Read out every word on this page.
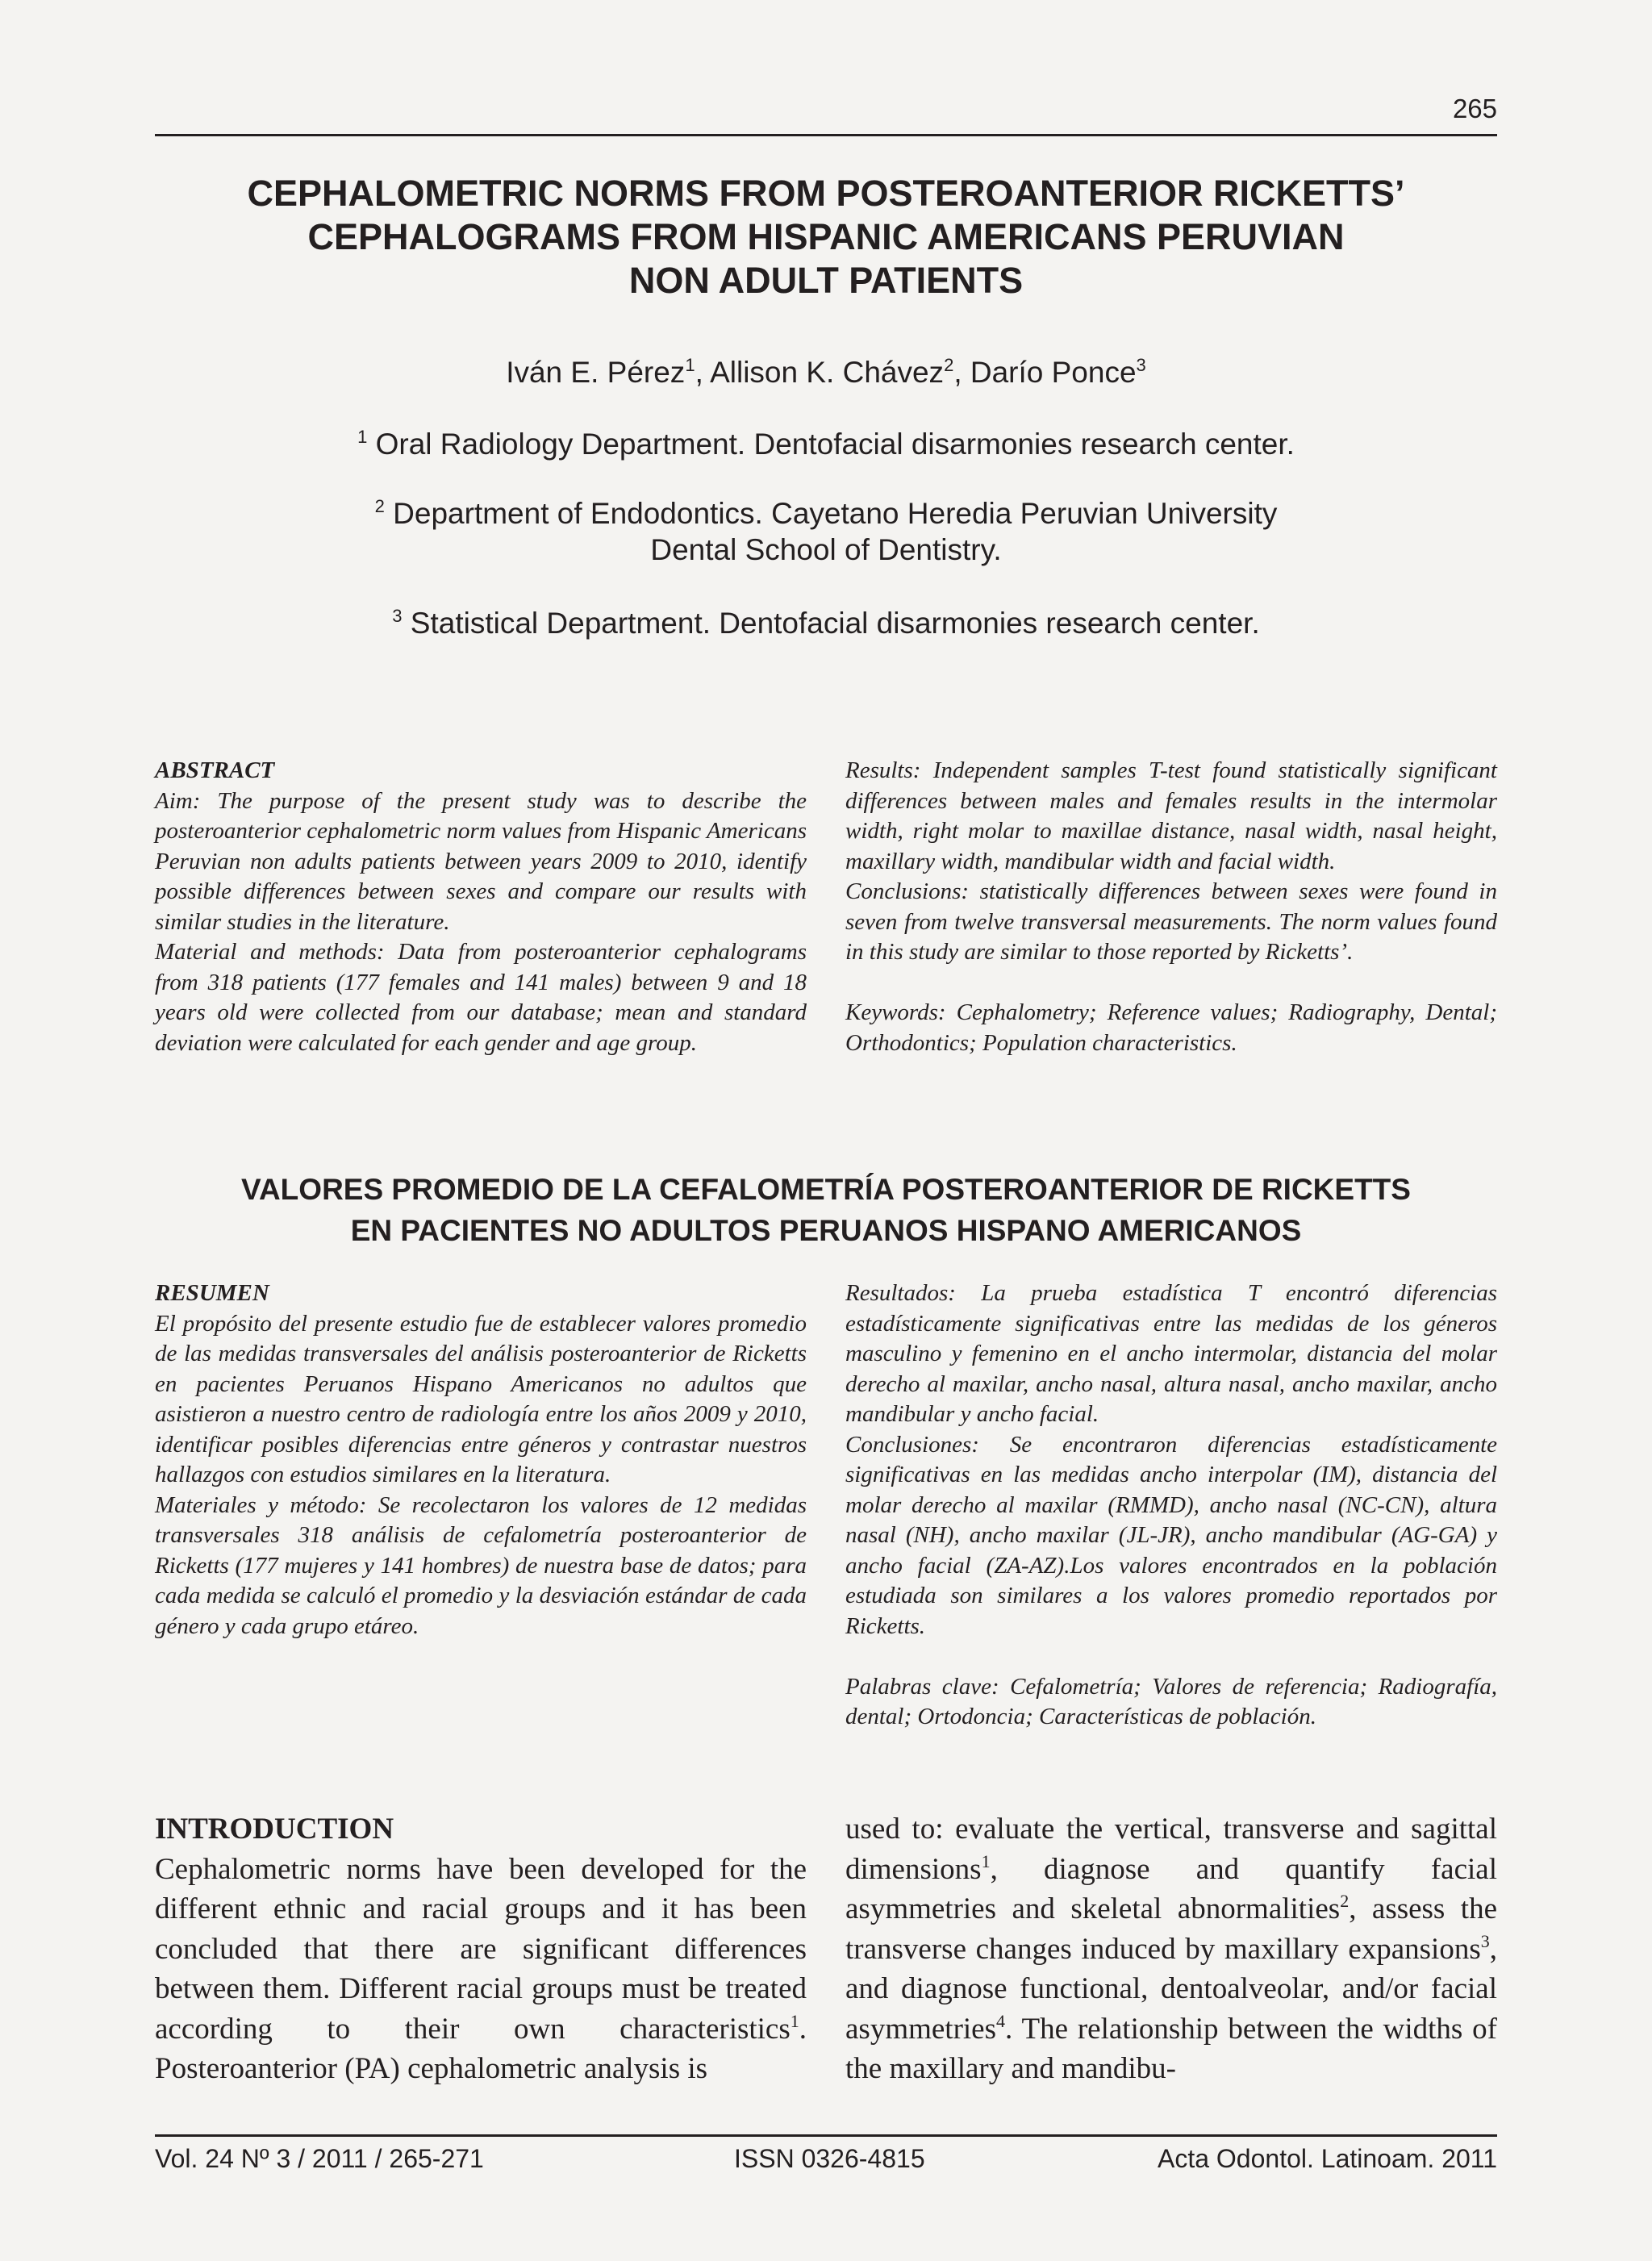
265
CEPHALOMETRIC NORMS FROM POSTEROANTERIOR RICKETTS’
CEPHALOGRAMS FROM HISPANIC AMERICANS PERUVIAN
NON ADULT PATIENTS
Iván E. Pérez$^1$, Allison K. Chávez$^2$, Darío Ponce$^3$
$^1$ Oral Radiology Department. Dentofacial disarmonies research center.
$^2$ Department of Endodontics. Cayetano Heredia Peruvian University
Dental School of Dentistry.
$^3$ Statistical Department. Dentofacial disarmonies research center.

ABSTRACT

Aim: The purpose of the present study was to describe the posteroanterior cephalometric norm values from Hispanic Americans Peruvian non adults patients between years 2009 to 2010, identify possible differences between sexes and compare our results with similar studies in the literature.

Material and methods: Data from posteroanterior cephalograms from 318 patients (177 females and 141 males) between 9 and 18 years old were collected from our database; mean and standard deviation were calculated for each gender and age group.

Results: Independent samples T-test found statistically significant differences between males and females results in the intermolar width, right molar to maxillae distance, nasal width, nasal height, maxillary width, mandibular width and facial width.

Conclusions: statistically differences between sexes were found in seven from twelve transversal measurements. The norm values found in this study are similar to those reported by Ricketts’.

Keywords: Cephalometry; Reference values; Radiography, Dental; Orthodontics; Population characteristics.

VALORES PROMEDIO DE LA CEFALOMETRÍA POSTEROANTERIOR DE RICKETTS
EN PACIENTES NO ADULTOS PERUANOS HISPANO AMERICANOS

RESUMEN

El propósito del presente estudio fue de establecer valores promedio de las medidas transversales del análisis posteroanterior de Ricketts en pacientes Peruanos Hispano Americanos no adultos que asistieron a nuestro centro de radiología entre los años 2009 y 2010, identificar posibles diferencias entre géneros y contrastar nuestros hallazgos con estudios similares en la literatura.

Materiales y método: Se recolectaron los valores de 12 medidas transversales 318 análisis de cefalometría posteroanterior de Ricketts (177 mujeres y 141 hombres) de nuestra base de datos; para cada medida se calculó el promedio y la desviación estándar de cada género y cada grupo etáreo.

Resultados: La prueba estadística T encontró diferencias estadísticamente significativas entre las medidas de los géneros masculino y femenino en el ancho intermolar, distancia del molar derecho al maxilar, ancho nasal, altura nasal, ancho maxilar, ancho mandibular y ancho facial.

Conclusiones: Se encontraron diferencias estadísticamente significativas en las medidas ancho interpolar (IM), distancia del molar derecho al maxilar (RMMD), ancho nasal (NC-CN), altura nasal (NH), ancho maxilar (JL-JR), ancho mandibular (AG-GA) y ancho facial (ZA-AZ).Los valores encontrados en la población estudiada son similares a los valores promedio reportados por Ricketts.

Palabras clave: Cefalometría; Valores de referencia; Radiografía, dental; Ortodoncia; Características de población.

INTRODUCTION

Cephalometric norms have been developed for the different ethnic and racial groups and it has been concluded that there are significant differences between them. Different racial groups must be treated according to their own characteristics$^1$. Posteroanterior (PA) cephalometric analysis is

used to: evaluate the vertical, transverse and sagittal dimensions$^1$, diagnose and quantify facial asymmetries and skeletal abnormalities$^2$, assess the transverse changes induced by maxillary expansions$^3$, and diagnose functional, dentoalveolar, and/or facial asymmetries$^4$. The relationship between the widths of the maxillary and mandibu-

Vol. 24 Nº 3 / 2011 / 265-271	ISSN 0326-4815	Acta Odontol. Latinoam. 2011
